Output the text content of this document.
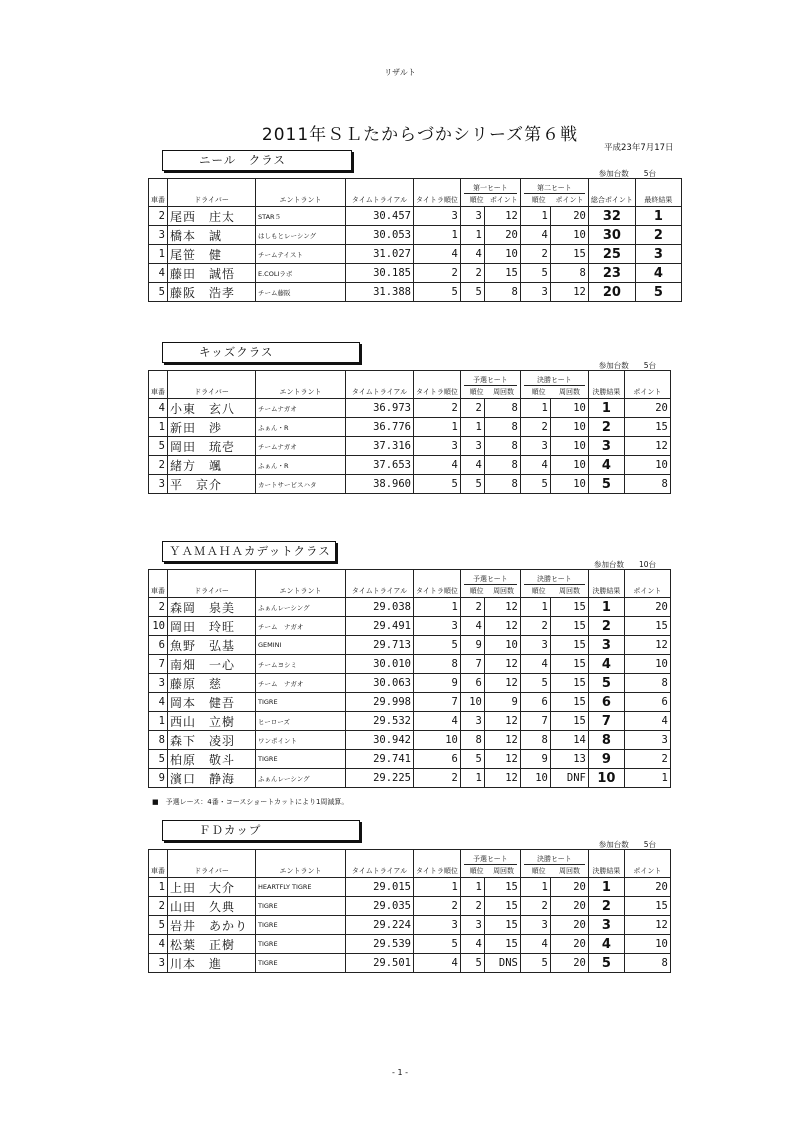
リザルト
2011年ＳＬたからづかシリーズ第６戦
平成23年7月17日
ニール　クラス
参加台数　　5台
車番	ドライバー	エントラント	タイムトライアル	タイトラ順位	第一ヒート
順位 ポイント		第二ヒート
順位 ポイント		総合ポイント	最終結果
2	尾西　庄太	STAR５	30.457	3	3	12	1	20	32	1
3	橋本　誠	はしもとレーシング	30.053	1	1	20	4	10	30	2
1	尾笹　健	チームテイスト	31.027	4	4	10	2	15	25	3
4	藤田　誠悟	E.COLIラボ	30.185	2	2	15	5	8	23	4
5	藤阪　浩孝	チーム藤阪	31.388	5	5	8	3	12	20	5
キッズクラス
参加台数　　5台
車番	ドライバー	エントラント	タイムトライアル	タイトラ順位	予選ヒート
順位 周回数		決勝ヒート
順位 周回数		決勝結果	ポイント
4	小東　玄八	チームナガオ	36.973	2	2	8	1	10	1	20
1	新田　渉	ふぁん・R	36.776	1	1	8	2	10	2	15
5	岡田　琉壱	チームナガオ	37.316	3	3	8	3	10	3	12
2	緒方　颯	ふぁん・R	37.653	4	4	8	4	10	4	10
3	平　京介	カートサービスハタ	38.960	5	5	8	5	10	5	8
ＹＡＭＡＨＡカデットクラス
参加台数　　10台
車番	ドライバー	エントラント	タイムトライアル	タイトラ順位	予選ヒート
順位 周回数		決勝ヒート
順位 周回数		決勝結果	ポイント
2	森岡　泉美	ふぁんレーシング	29.038	1	2	12	1	15	1	20
10	岡田　玲旺	チーム　ナガオ	29.491	3	4	12	2	15	2	15
6	魚野　弘基	GEMINI	29.713	5	9	10	3	15	3	12
7	南畑　一心	チームヨシミ	30.010	8	7	12	4	15	4	10
3	藤原　慈	チーム　ナガオ	30.063	9	6	12	5	15	5	8
4	岡本　健吾	TIGRE	29.998	7	10	9	6	15	6	6
1	西山　立樹	ヒーローズ	29.532	4	3	12	7	15	7	4
8	森下　凌羽	ワンポイント	30.942	10	8	12	8	14	8	3
5	柏原　敬斗	TIGRE	29.741	6	5	12	9	13	9	2
9	濱口　静海	ふぁんレーシング	29.225	2	1	12	10	DNF	10	1
ＦＤカップ
参加台数　　5台
車番	ドライバー	エントラント	タイムトライアル	タイトラ順位	予選ヒート
順位 周回数		決勝ヒート
順位 周回数		決勝結果	ポイント
1	上田　大介	HEARTFLY TIGRE	29.015	1	1	15	1	20	1	20
2	山田　久典	TIGRE	29.035	2	2	15	2	20	2	15
5	岩井　あかり	TIGRE	29.224	3	3	15	3	20	3	12
4	松葉　正樹	TIGRE	29.539	5	4	15	4	20	4	10
3	川本　進	TIGRE	29.501	4	5	DNS	5	20	5	8
■　予選レース：4番・コースショートカットにより1周減算。
- 1 -
